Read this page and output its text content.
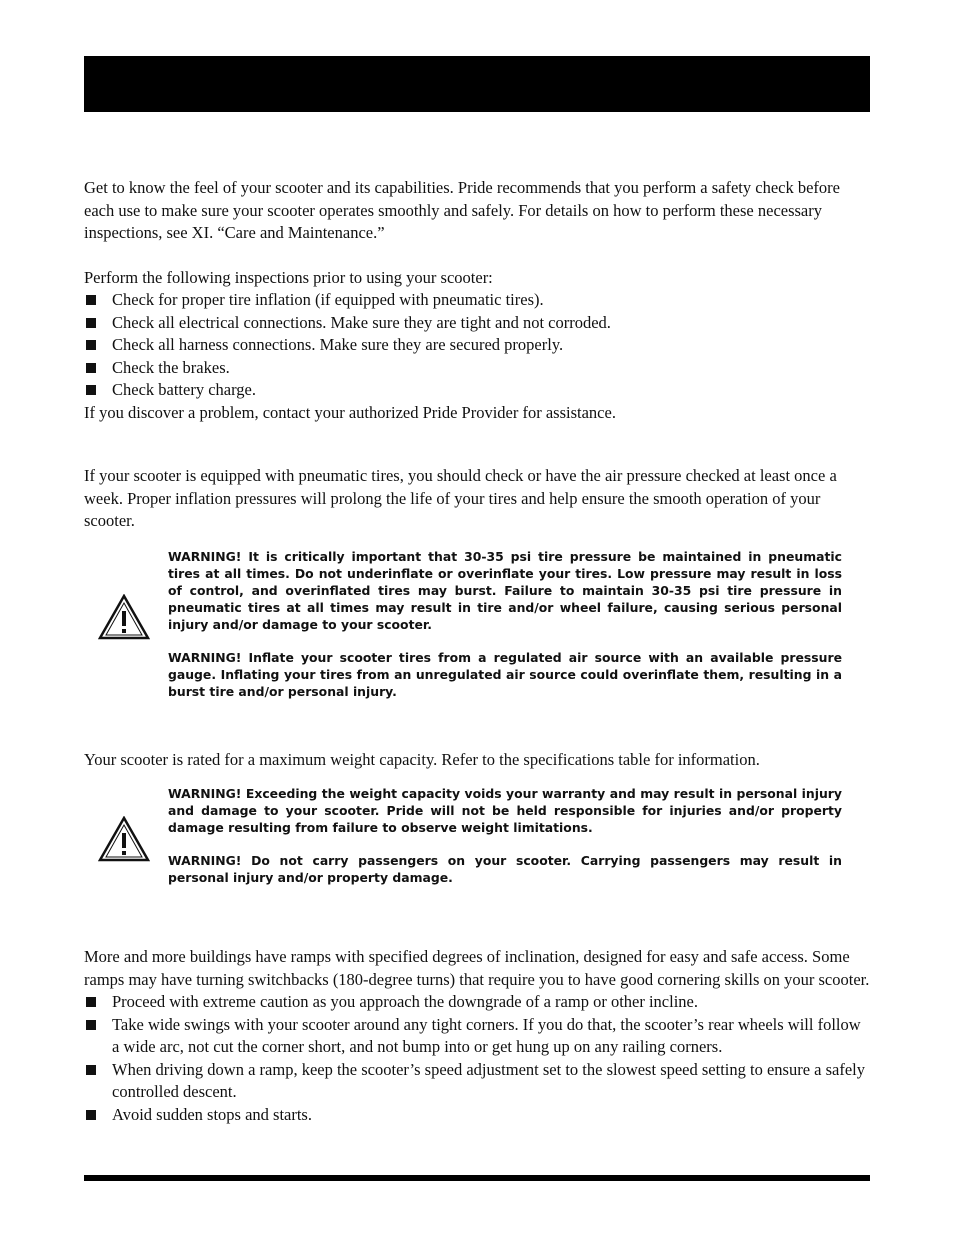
Get to know the feel of your scooter and its capabilities. Pride recommends that you perform a safety check before each use to make sure your scooter operates smoothly and safely. For details on how to perform these necessary inspections, see XI. “Care and Maintenance.”

Perform the following inspections prior to using your scooter:

Check for proper tire inflation (if equipped with pneumatic tires).
Check all electrical connections. Make sure they are tight and not corroded.
Check all harness connections. Make sure they are secured properly.
Check the brakes.
Check battery charge.

If you discover a problem, contact your authorized Pride Provider for assistance.

If your scooter is equipped with pneumatic tires, you should check or have the air pressure checked at least once a week. Proper inflation pressures will prolong the life of your tires and help ensure the smooth operation of your scooter.

WARNING! It is critically important that 30-35 psi tire pressure be maintained in pneumatic tires at all times. Do not underinflate or overinflate your tires. Low pressure may result in loss of control, and overinflated tires may burst. Failure to maintain 30-35 psi tire pressure in pneumatic tires at all times may result in tire and/or wheel failure, causing serious personal injury and/or damage to your scooter.

WARNING! Inflate your scooter tires from a regulated air source with an available pressure gauge. Inflating your tires from an unregulated air source could overinflate them, resulting in a burst tire and/or personal injury.

Your scooter is rated for a maximum weight capacity. Refer to the specifications table for information.

WARNING! Exceeding the weight capacity voids your warranty and may result in personal injury and damage to your scooter. Pride will not be held responsible for injuries and/or property damage resulting from failure to observe weight limitations.

WARNING! Do not carry passengers on your scooter. Carrying passengers may result in personal injury and/or property damage.

More and more buildings have ramps with specified degrees of inclination, designed for easy and safe access. Some ramps may have turning switchbacks (180-degree turns) that require you to have good cornering skills on your scooter.

Proceed with extreme caution as you approach the downgrade of a ramp or other incline.
Take wide swings with your scooter around any tight corners. If you do that, the scooter’s rear wheels will follow a wide arc, not cut the corner short, and not bump into or get hung up on any railing corners.
When driving down a ramp, keep the scooter’s speed adjustment set to the slowest speed setting to ensure a safely controlled descent.
Avoid sudden stops and starts.
